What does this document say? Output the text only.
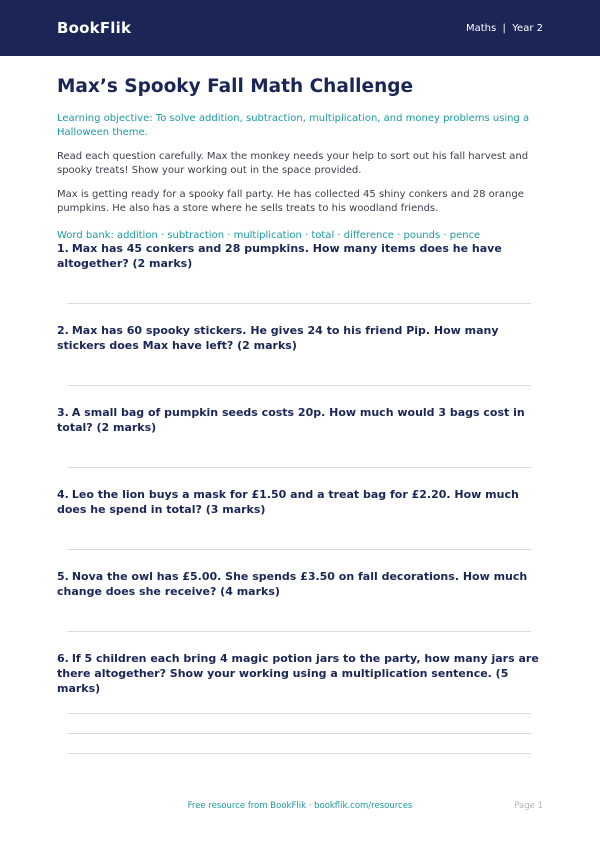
BookFlik	Maths | Year 2
Max’s Spooky Fall Math Challenge
Learning objective: To solve addition, subtraction, multiplication, and money problems using a Halloween theme.

Read each question carefully. Max the monkey needs your help to sort out his fall harvest and spooky treats! Show your working out in the space provided.

Max is getting ready for a spooky fall party. He has collected 45 shiny conkers and 28 orange pumpkins. He also has a store where he sells treats to his woodland friends.

Word bank: addition · subtraction · multiplication · total · difference · pounds · pence
1. Max has 45 conkers and 28 pumpkins. How many items does he have altogether? (2 marks)
2. Max has 60 spooky stickers. He gives 24 to his friend Pip. How many stickers does Max have left? (2 marks)
3. A small bag of pumpkin seeds costs 20p. How much would 3 bags cost in total? (2 marks)
4. Leo the lion buys a mask for £1.50 and a treat bag for £2.20. How much does he spend in total? (3 marks)
5. Nova the owl has £5.00. She spends £3.50 on fall decorations. How much change does she receive? (4 marks)
6. If 5 children each bring 4 magic potion jars to the party, how many jars are there altogether? Show your working using a multiplication sentence. (5 marks)
Free resource from BookFlik · bookflik.com/resources	Page 1
